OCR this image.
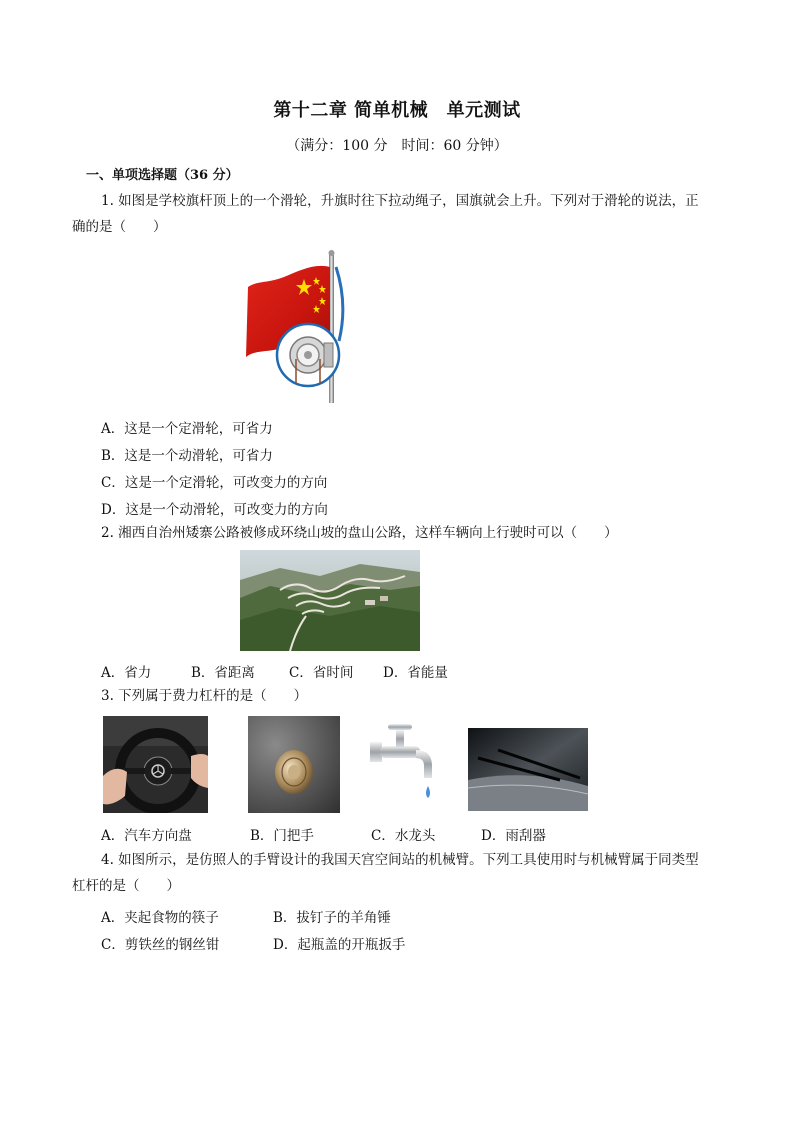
第十二章 简单机械　单元测试
（满分：100 分　时间：60 分钟）
一、单项选择题（36 分）
1. 如图是学校旗杆顶上的一个滑轮，升旗时往下拉动绳子，国旗就会上升。下列对于滑轮的说法，正
确的是（　　）
A．这是一个定滑轮，可省力
B．这是一个动滑轮，可省力
C．这是一个定滑轮，可改变力的方向
D．这是一个动滑轮，可改变力的方向
2. 湘西自治州矮寨公路被修成环绕山坡的盘山公路，这样车辆向上行驶时可以（　　）
A．省力	B．省距离	C．省时间 D．省能量
3. 下列属于费力杠杆的是（　　）
A．汽车方向盘	B．门把手	C．水龙头	D．雨刮器
4. 如图所示，是仿照人的手臂设计的我国天宫空间站的机械臂。下列工具使用时与机械臂属于同类型
杠杆的是（　　）
A．夹起食物的筷子	B．拔钉子的羊角锤
C．剪铁丝的钢丝钳	D．起瓶盖的开瓶扳手
